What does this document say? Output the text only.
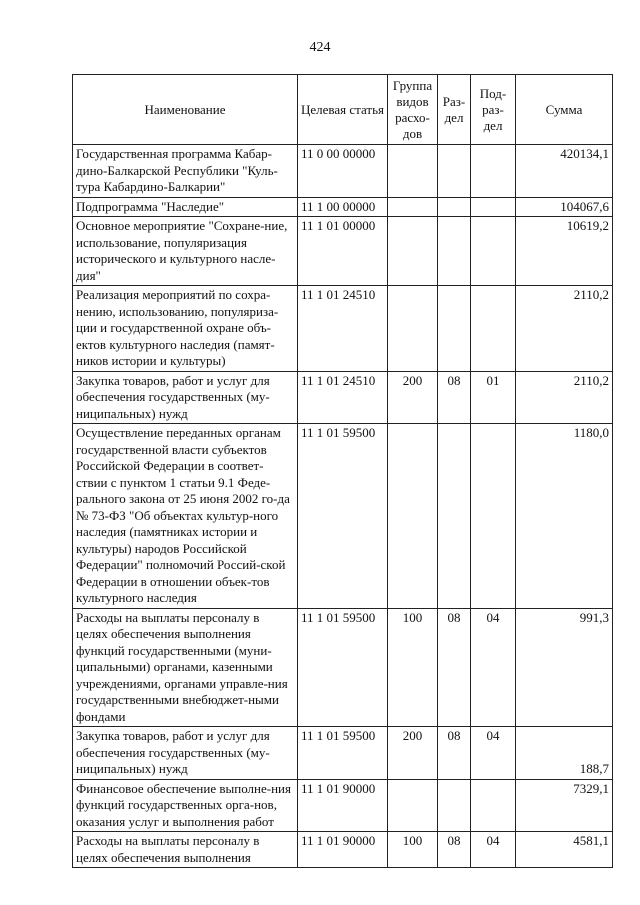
424
Наименование	Целевая статья	Группа видов расхо-дов	Раз-дел	Под-раз-дел	Сумма
Государственная программа Кабар-дино-Балкарской Республики "Куль-тура Кабардино-Балкарии"	11 0 00 00000				420134,1
Подпрограмма "Наследие"	11 1 00 00000				104067,6
Основное мероприятие "Сохране-ние, использование, популяризация исторического и культурного насле-дия"	11 1 01 00000				10619,2
Реализация мероприятий по сохра-нению, использованию, популяриза-ции и государственной охране объ-ектов культурного наследия (памят-ников истории и культуры)	11 1 01 24510				2110,2
Закупка товаров, работ и услуг для обеспечения государственных (му-ниципальных) нужд	11 1 01 24510	200	08	01	2110,2
Осуществление переданных органам государственной власти субъектов Российской Федерации в соответ-ствии с пунктом 1 статьи 9.1 Феде-рального закона от 25 июня 2002 го-да № 73-ФЗ "Об объектах культур-ного наследия (памятниках истории и культуры) народов Российской Федерации" полномочий Россий-ской Федерации в отношении объек-тов культурного наследия	11 1 01 59500				1180,0
Расходы на выплаты персоналу в целях обеспечения выполнения функций государственными (муни-ципальными) органами, казенными учреждениями, органами управле-ния государственными внебюджет-ными фондами	11 1 01 59500	100	08	04	991,3
Закупка товаров, работ и услуг для обеспечения государственных (му-ниципальных) нужд	11 1 01 59500	200	08	04	188,7
Финансовое обеспечение выполне-ния функций государственных орга-нов, оказания услуг и выполнения работ	11 1 01 90000				7329,1
Расходы на выплаты персоналу в целях обеспечения выполнения	11 1 01 90000	100	08	04	4581,1
